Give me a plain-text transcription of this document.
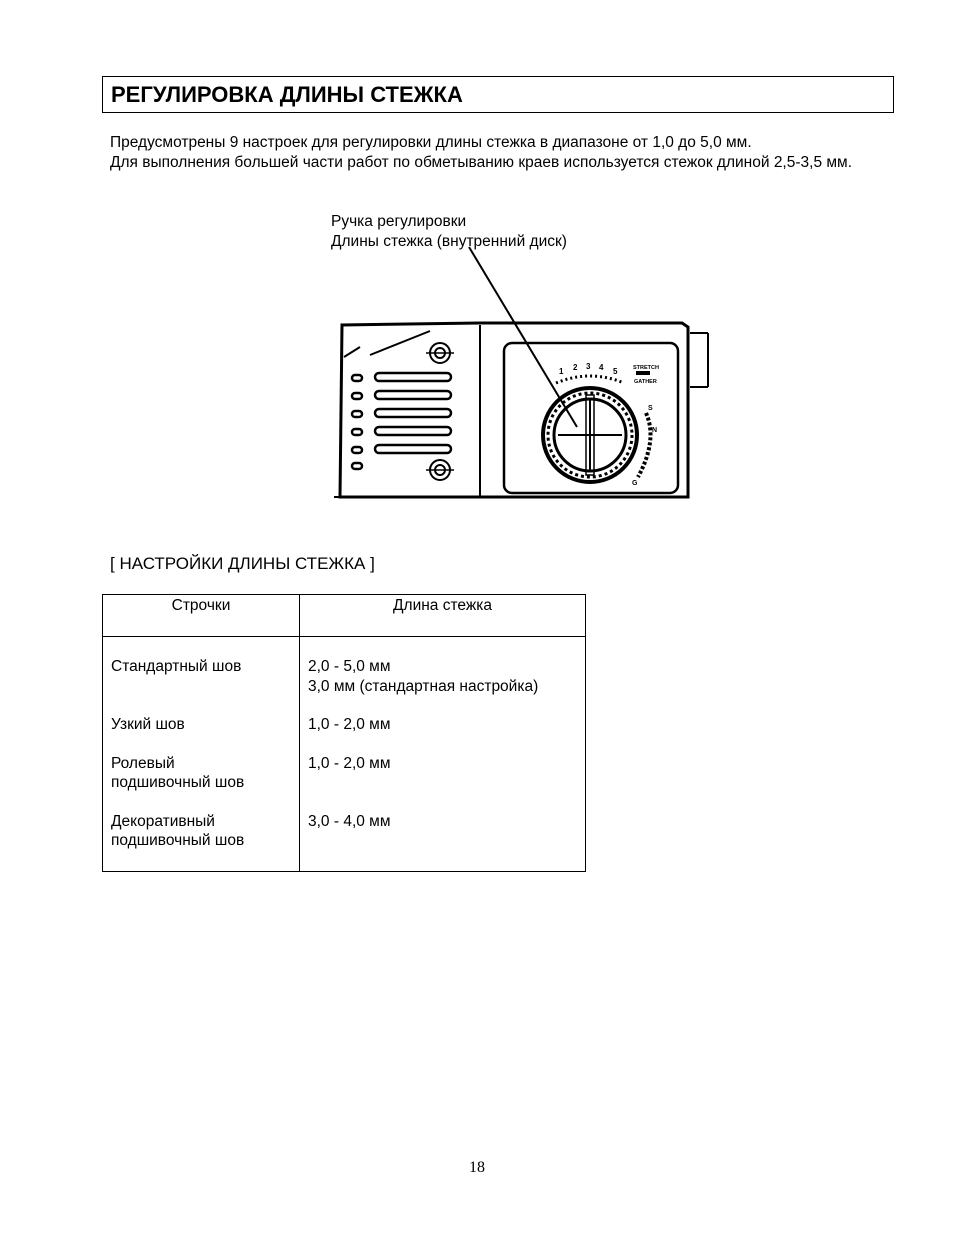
РЕГУЛИРОВКА ДЛИНЫ СТЕЖКА

Предусмотрены 9 настроек для регулировки длины стежка в диапазоне от 1,0 до 5,0 мм.

Для выполнения большей части работ по обметыванию краев используется стежок длиной 2,5-3,5 мм.

Ручка регулировки
Длины стежка (внутренний диск)
1 2 3 4 5	STRETCH
GATHER
S
N
G
[ НАСТРОЙКИ ДЛИНЫ СТЕЖКА ]
Строчки	Длина стежка
Стандартный шов	2,0 - 5,0 мм
3,0 мм (стандартная настройка)

Узкий шов	1,0 - 2,0 мм

Ролевый
подшивочный шов	1,0 - 2,0 мм

Декоративный
подшивочный шов	3,0 - 4,0 мм
18
